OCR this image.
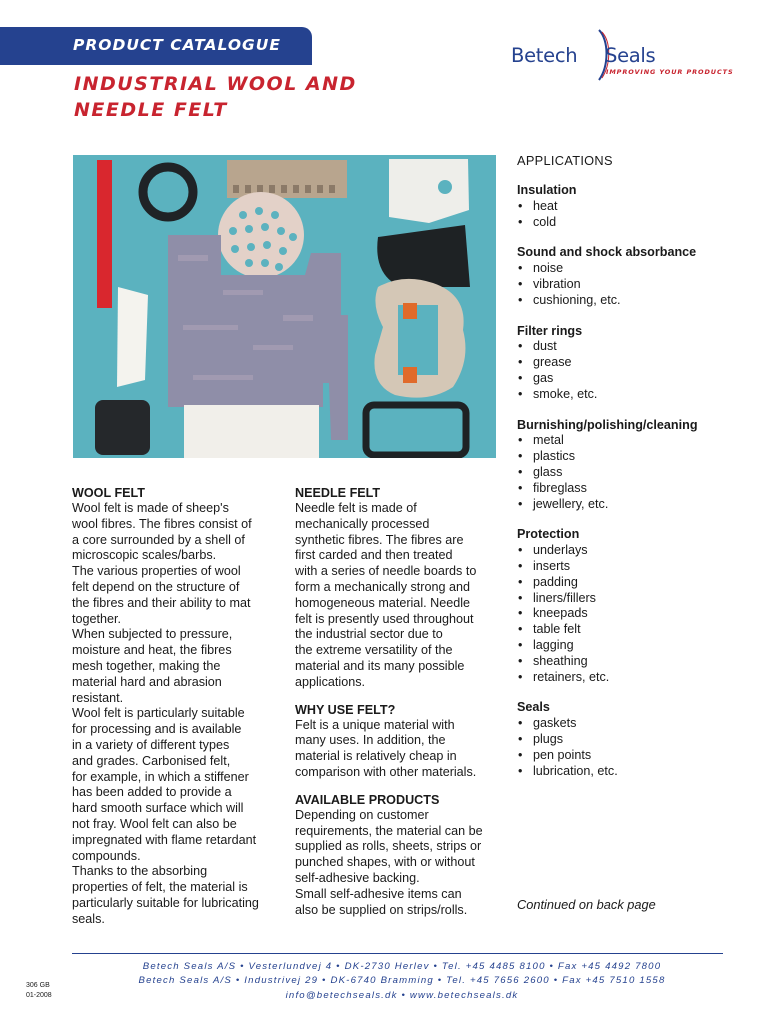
PRODUCT CATALOGUE
INDUSTRIAL WOOL AND
NEEDLE FELT
Betech Seals
IMPROVING YOUR PRODUCTS
WOOL FELT

Wool felt is made of sheep's
wool fibres. The fibres consist of
a core surrounded by a shell of
microscopic scales/barbs.
The various properties of wool
felt depend on the structure of
the fibres and their ability to mat
together.
When subjected to pressure,
moisture and heat, the fibres
mesh together, making the
material hard and abrasion
resistant.
Wool felt is particularly suitable
for processing and is available
in a variety of different types
and grades. Carbonised felt,
for example, in which a stiffener
has been added to provide a
hard smooth surface which will
not fray. Wool felt can also be
impregnated with flame retardant
compounds.
Thanks to the absorbing
properties of felt, the material is
particularly suitable for lubricating
seals.

NEEDLE FELT

Needle felt is made of
mechanically processed
synthetic fibres. The fibres are
first carded and then treated
with a series of needle boards to
form a mechanically strong and
homogeneous material. Needle
felt is presently used throughout
the industrial sector due to
the extreme versatility of the
material and its many possible
applications.

WHY USE FELT?

Felt is a unique material with
many uses. In addition, the
material is relatively cheap in
comparison with other materials.

AVAILABLE PRODUCTS

Depending on customer
requirements, the material can be
supplied as rolls, sheets, strips or
punched shapes, with or without
self-adhesive backing.
Small self-adhesive items can
also be supplied on strips/rolls.

APPLICATIONS
Insulation
• heat
• cold
Sound and shock absorbance
• noise
• vibration
• cushioning, etc.
Filter rings
• dust
• grease
• gas
• smoke, etc.
Burnishing/polishing/cleaning
• metal
• plastics
• glass
• fibreglass
• jewellery, etc.
Protection
• underlays
• inserts
• padding
• liners/fillers
• kneepads
• table felt
• lagging
• sheathing
• retainers, etc.
Seals
• gaskets
• plugs
• pen points
• lubrication, etc.
Continued on back page
Betech Seals A/S • Vesterlundvej 4 • DK-2730 Herlev • Tel. +45 4485 8100 • Fax +45 4492 7800
Betech Seals A/S • Industrivej 29 • DK-6740 Bramming • Tel. +45 7656 2600 • Fax +45 7510 1558
info@betechseals.dk • www.betechseals.dk
306 GB
01-2008
